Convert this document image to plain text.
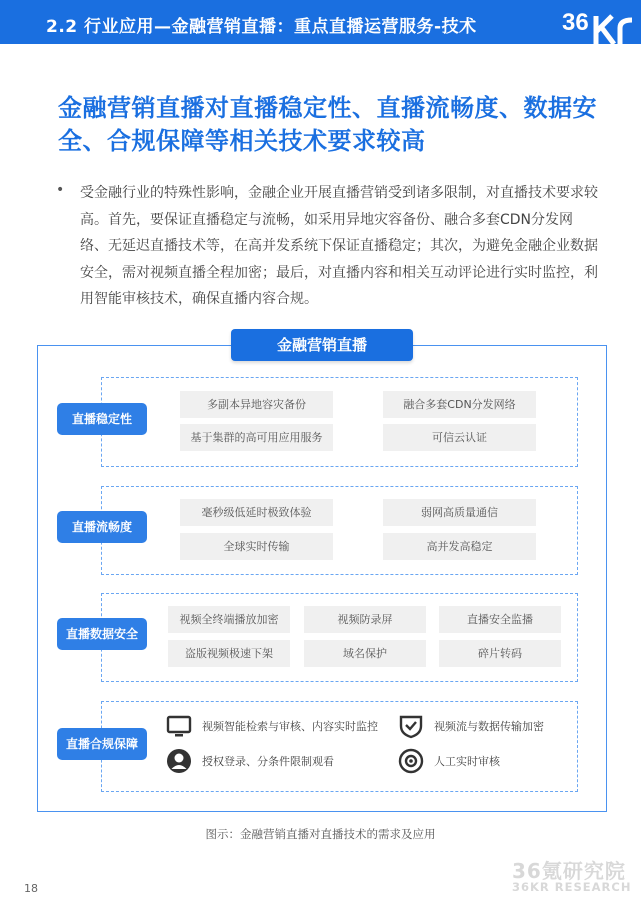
2.2 行业应用—金融营销直播：重点直播运营服务-技术	36
金融营销直播对直播稳定性、直播流畅度、数据安全、合规保障等相关技术要求较高
• 受金融行业的特殊性影响，金融企业开展直播营销受到诸多限制，对直播技术要求较高。首先，要保证直播稳定与流畅，如采用异地灾容备份、融合多套CDN分发网络、无延迟直播技术等，在高并发系统下保证直播稳定；其次，为避免金融企业数据安全，需对视频直播全程加密；最后，对直播内容和相关互动评论进行实时监控，利用智能审核技术，确保直播内容合规。
金融营销直播
直播稳定性
多副本异地容灾备份	融合多套CDN分发网络
基于集群的高可用应用服务	可信云认证
直播流畅度
毫秒级低延时极致体验	弱网高质量通信
全球实时传输	高并发高稳定
直播数据安全
视频全终端播放加密	视频防录屏	直播安全监播
盗版视频极速下架	域名保护	碎片转码
直播合规保障
视频智能检索与审核、内容实时监控	视频流与数据传输加密
授权登录、分条件限制观看	人工实时审核
图示：金融营销直播对直播技术的需求及应用
18
36氪研究院
36KR RESEARCH
